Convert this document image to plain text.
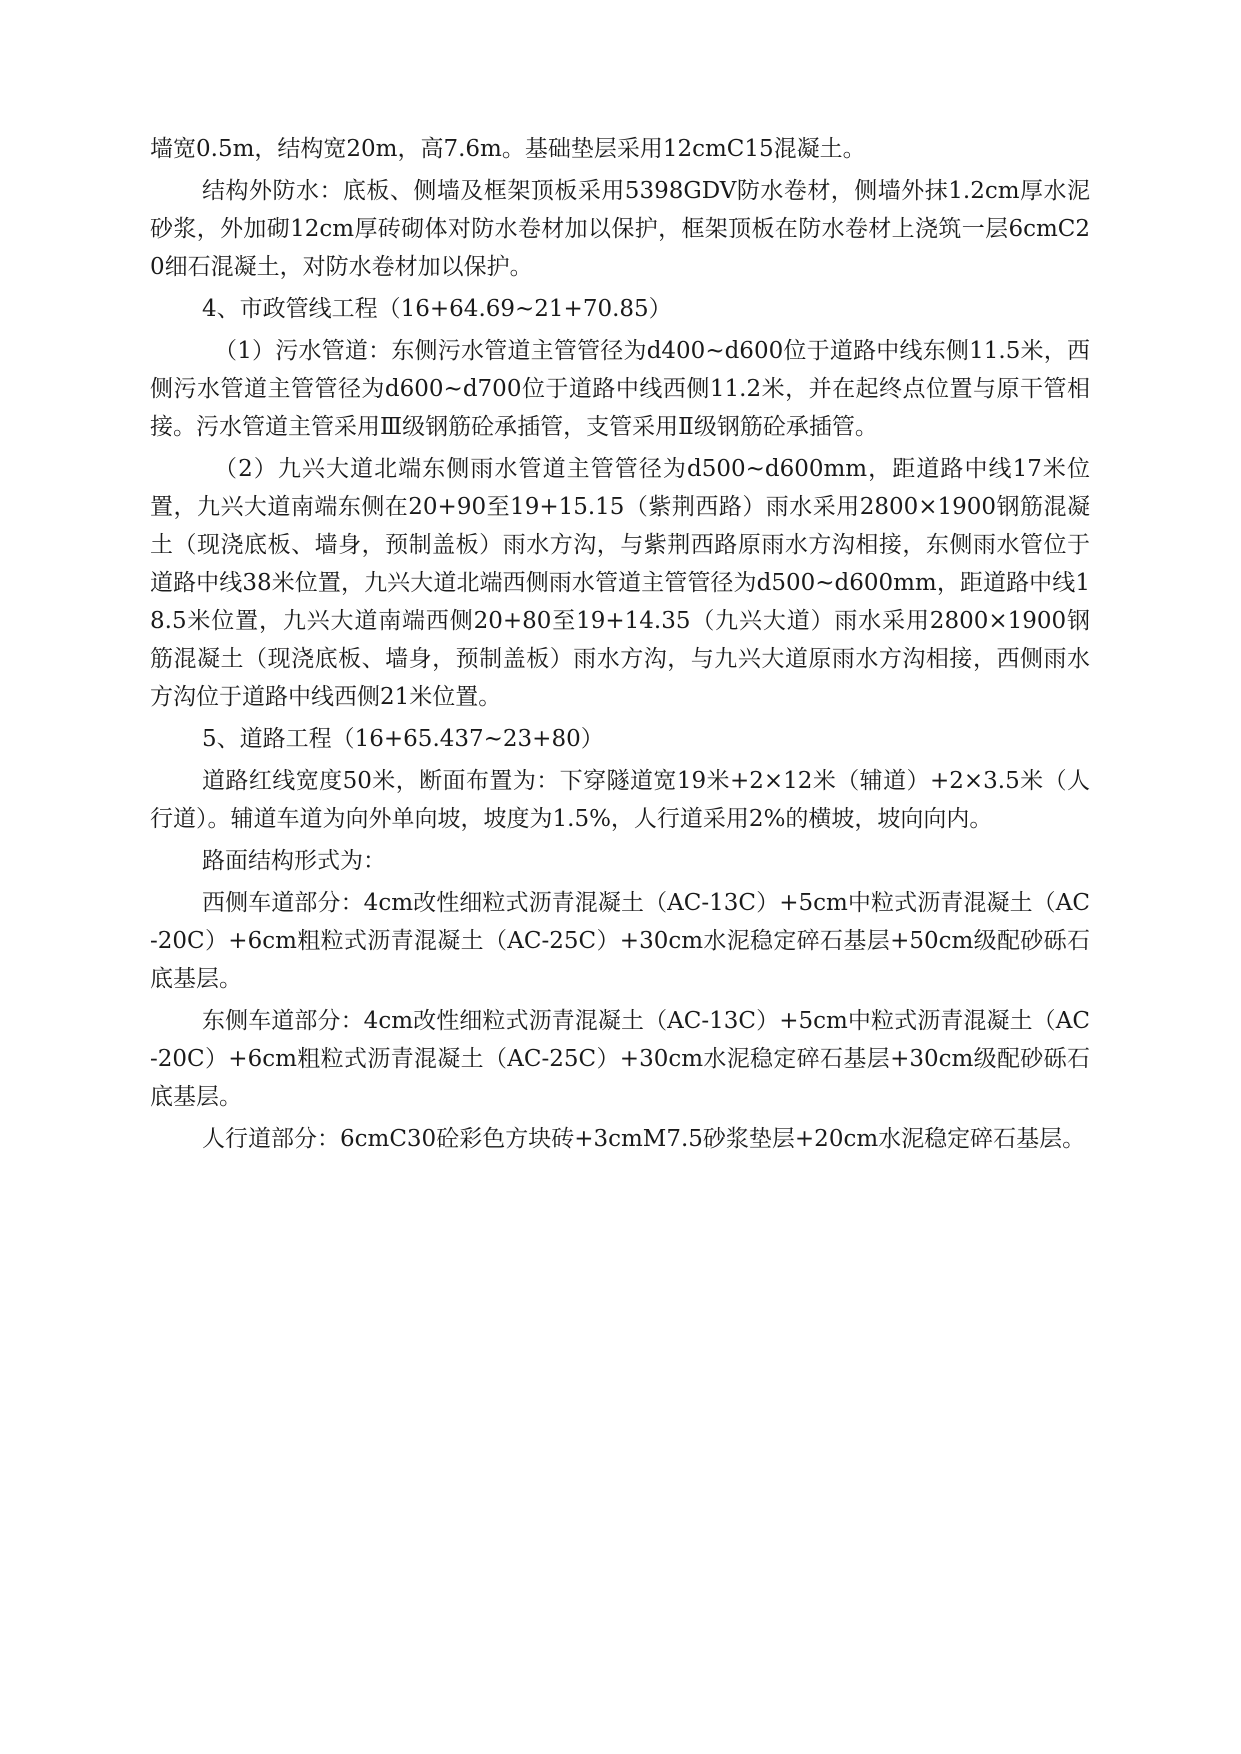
墙宽0.5m，结构宽20m，高7.6m。基础垫层采用12cmC15混凝土。

结构外防水：底板、侧墙及框架顶板采用5398GDV防水卷材，侧墙外抹1.2cm厚水泥砂浆，外加砌12cm厚砖砌体对防水卷材加以保护，框架顶板在防水卷材上浇筑一层6cmC20细石混凝土，对防水卷材加以保护。

4、市政管线工程（16+64.69~21+70.85）

（1）污水管道：东侧污水管道主管管径为d400~d600位于道路中线东侧11.5米，西侧污水管道主管管径为d600~d700位于道路中线西侧11.2米，并在起终点位置与原干管相接。污水管道主管采用Ⅲ级钢筋砼承插管，支管采用Ⅱ级钢筋砼承插管。

（2）九兴大道北端东侧雨水管道主管管径为d500~d600mm，距道路中线17米位置，九兴大道南端东侧在20+90至19+15.15（紫荆西路）雨水采用2800×1900钢筋混凝土（现浇底板、墙身，预制盖板）雨水方沟，与紫荆西路原雨水方沟相接，东侧雨水管位于道路中线38米位置，九兴大道北端西侧雨水管道主管管径为d500~d600mm，距道路中线18.5米位置，九兴大道南端西侧20+80至19+14.35（九兴大道）雨水采用2800×1900钢筋混凝土（现浇底板、墙身，预制盖板）雨水方沟，与九兴大道原雨水方沟相接，西侧雨水方沟位于道路中线西侧21米位置。

5、道路工程（16+65.437~23+80）

道路红线宽度50米，断面布置为：下穿隧道宽19米+2×12米（辅道）+2×3.5米（人行道）。辅道车道为向外单向坡，坡度为1.5%，人行道采用2%的横坡，坡向向内。

路面结构形式为：

西侧车道部分：4cm改性细粒式沥青混凝土（AC-13C）+5cm中粒式沥青混凝土（AC-20C）+6cm粗粒式沥青混凝土（AC-25C）+30cm水泥稳定碎石基层+50cm级配砂砾石底基层。

东侧车道部分：4cm改性细粒式沥青混凝土（AC-13C）+5cm中粒式沥青混凝土（AC-20C）+6cm粗粒式沥青混凝土（AC-25C）+30cm水泥稳定碎石基层+30cm级配砂砾石底基层。

人行道部分：6cmC30砼彩色方块砖+3cmM7.5砂浆垫层+20cm水泥稳定碎石基层。
